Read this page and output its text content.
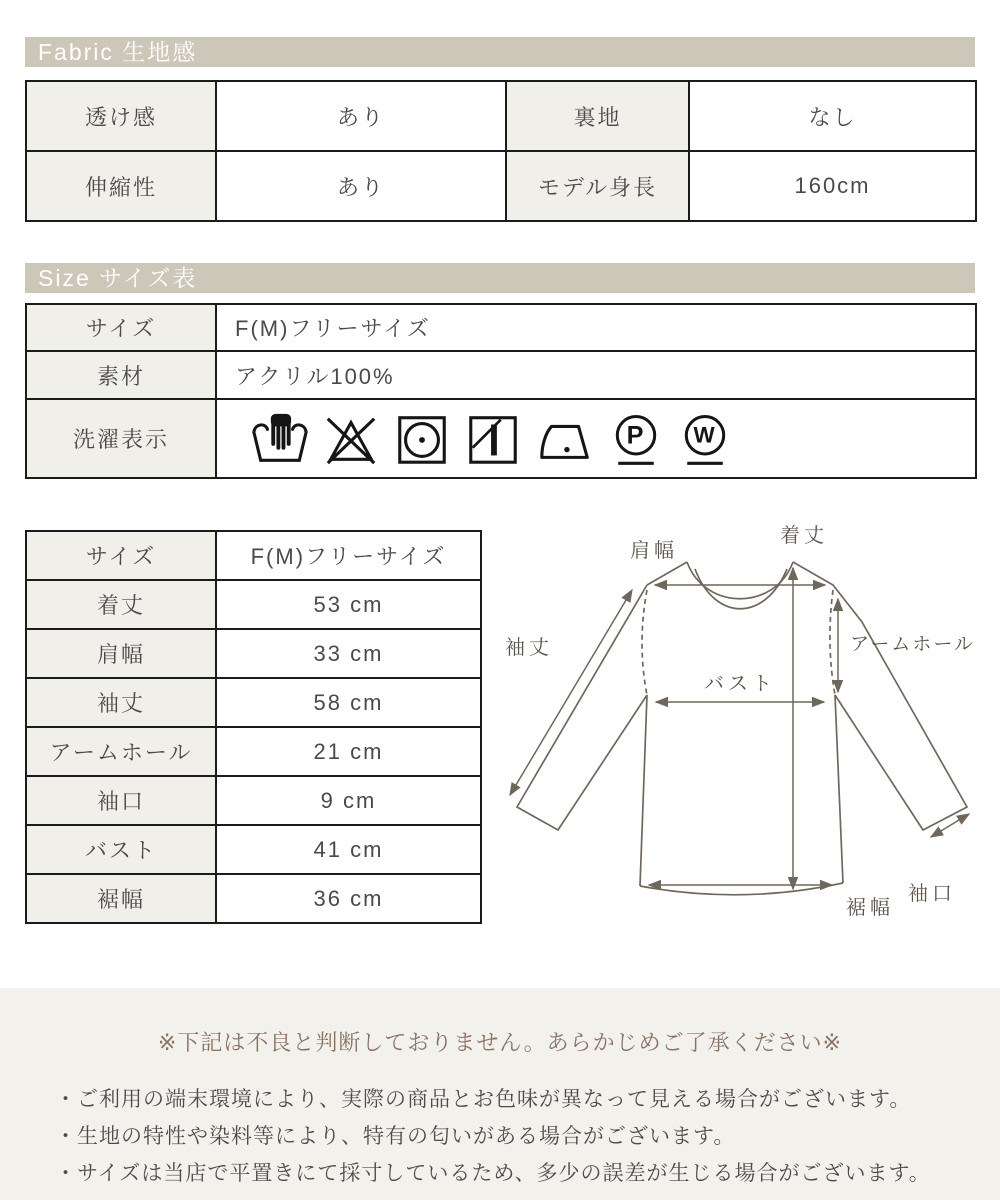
Fabric 生地感
透け感	あり	裏地	なし
伸縮性	あり	モデル身長	160cm
Size サイズ表
サイズ	F(M)フリーサイズ
素材	アクリル100%
洗濯表示	P W
サイズ	F(M)フリーサイズ
着丈	53 cm
肩幅	33 cm
袖丈	58 cm
アームホール	21 cm
袖口	9 cm
バスト	41 cm
裾幅	36 cm
肩幅
着丈
袖丈	アームホール
バスト
袖口
裾幅

※下記は不良と判断しておりません。あらかじめご了承ください※

・ご利用の端末環境により、実際の商品とお色味が異なって見える場合がございます。
・生地の特性や染料等により、特有の匂いがある場合がございます。
・サイズは当店で平置きにて採寸しているため、多少の誤差が生じる場合がございます。
